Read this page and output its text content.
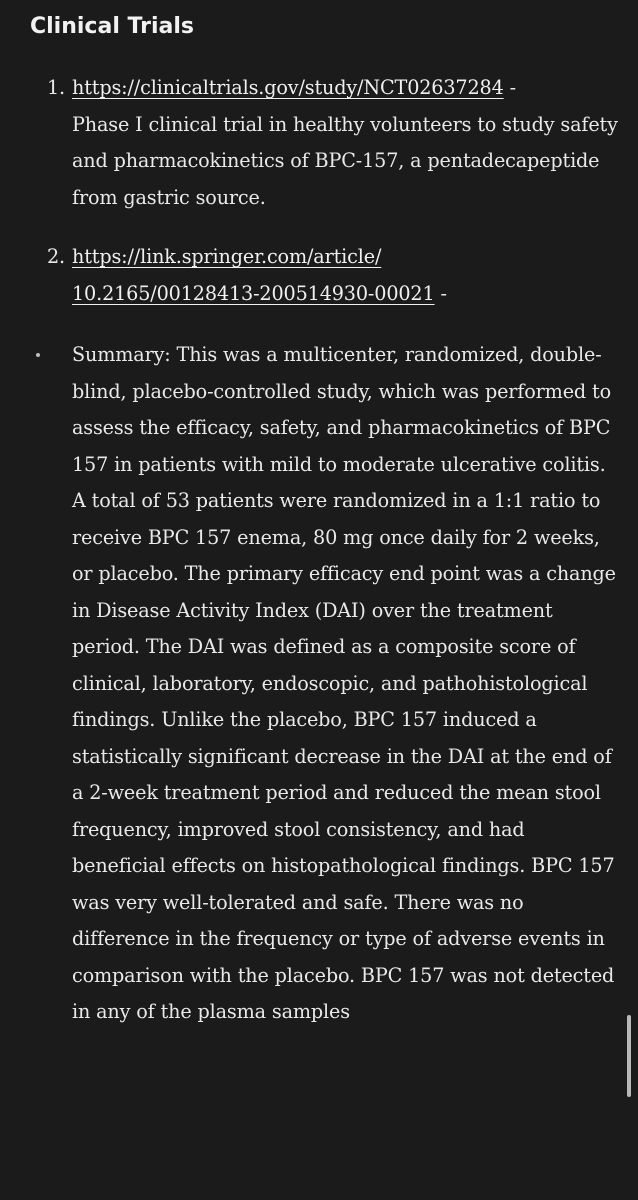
Clinical Trials
1. https://clinicaltrials.gov/study/NCT02637284 -
Phase I clinical trial in healthy volunteers to study safety and pharmacokinetics of BPC-157, a pentadecapeptide from gastric source.
2. https://link.springer.com/article/
10.2165/00128413-200514930-00021 -
Summary: This was a multicenter, randomized, double-blind, placebo-controlled study, which was performed to assess the efficacy, safety, and pharmacokinetics of BPC 157 in patients with mild to moderate ulcerative colitis. A total of 53 patients were randomized in a 1:1 ratio to receive BPC 157 enema, 80 mg once daily for 2 weeks, or placebo. The primary efficacy end point was a change in Disease Activity Index (DAI) over the treatment period. The DAI was defined as a composite score of clinical, laboratory, endoscopic, and pathohistological findings. Unlike the placebo, BPC 157 induced a statistically significant decrease in the DAI at the end of a 2-week treatment period and reduced the mean stool frequency, improved stool consistency, and had beneficial effects on histopathological findings. BPC 157 was very well-tolerated and safe. There was no difference in the frequency or type of adverse events in comparison with the placebo. BPC 157 was not detected in any of the plasma samples
